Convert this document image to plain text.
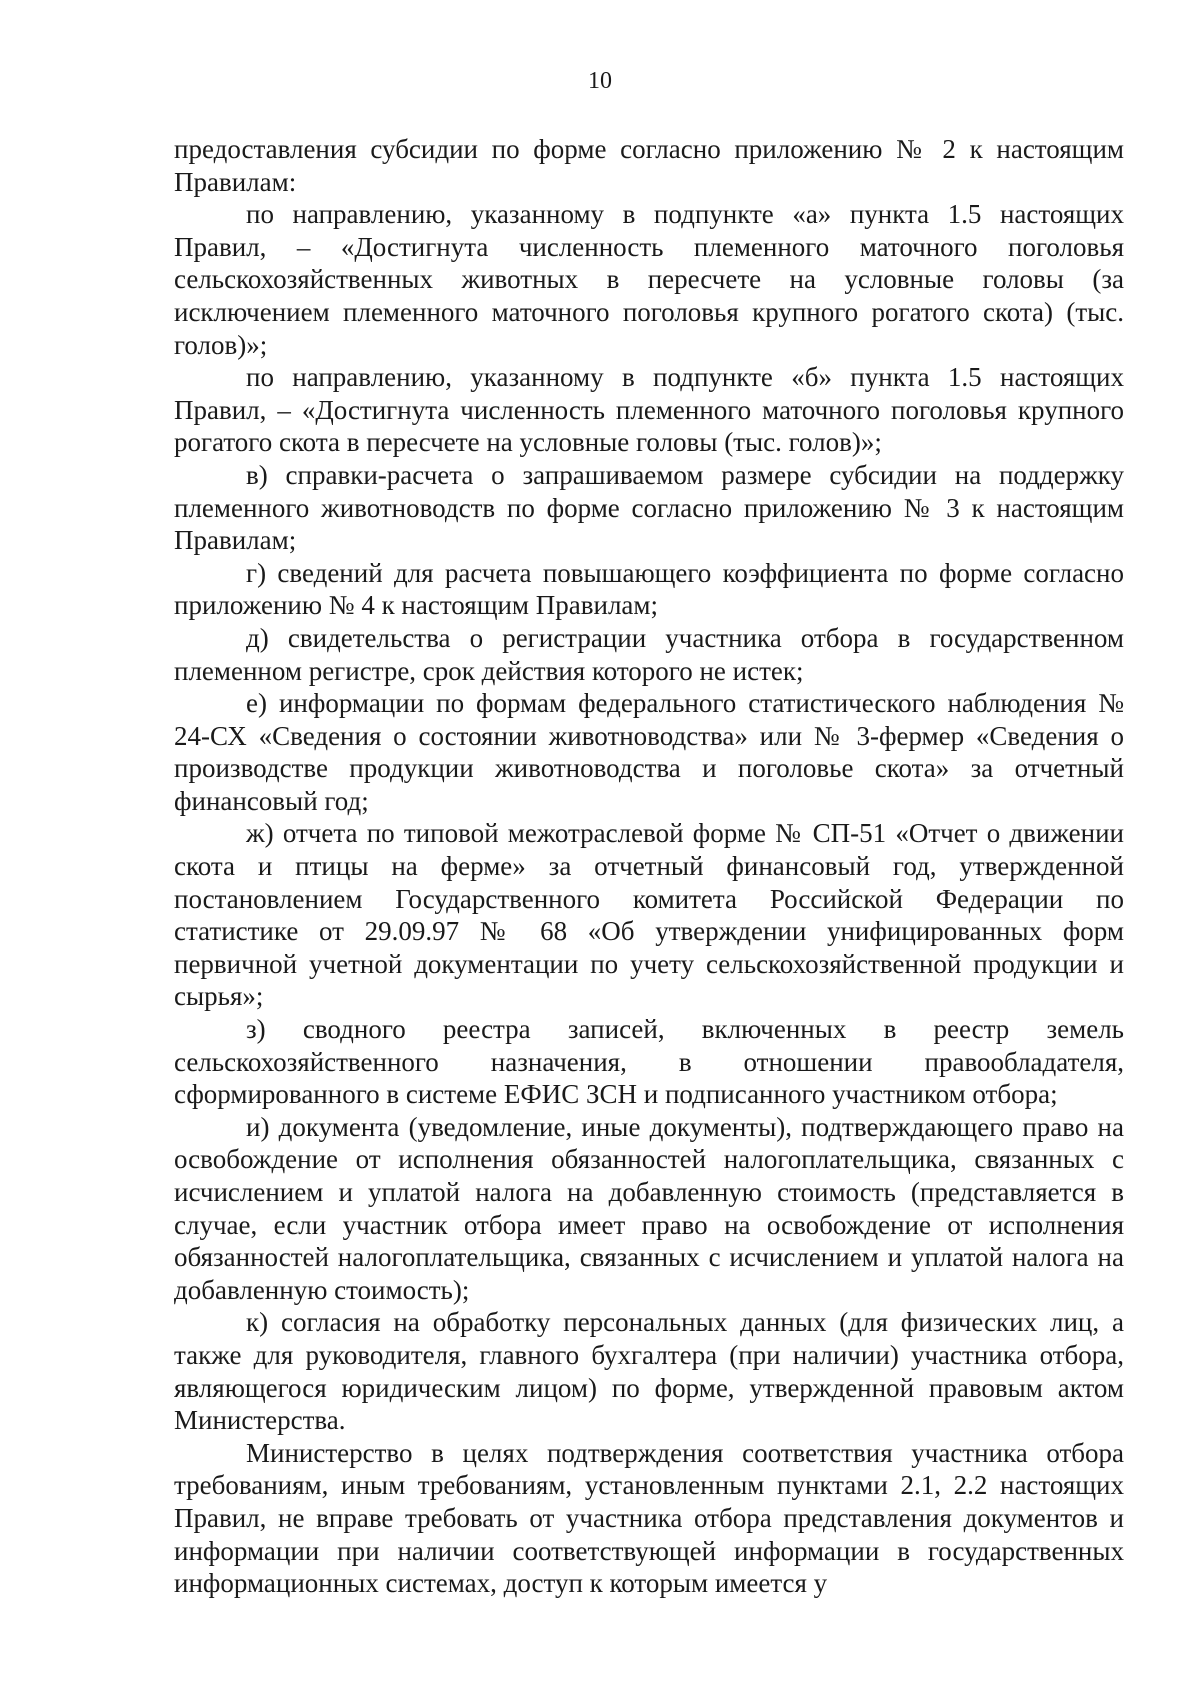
10

предоставления субсидии по форме согласно приложению № 2 к настоящим Правилам:

по направлению, указанному в подпункте «а» пункта 1.5 настоящих Правил, – «Достигнута численность племенного маточного поголовья сельскохозяйственных животных в пересчете на условные головы (за исключением племенного маточного поголовья крупного рогатого скота) (тыс. голов)»;

по направлению, указанному в подпункте «б» пункта 1.5 настоящих Правил, – «Достигнута численность племенного маточного поголовья крупного рогатого скота в пересчете на условные головы (тыс. голов)»;

в) справки-расчета о запрашиваемом размере субсидии на поддержку племенного животноводств по форме согласно приложению № 3 к настоящим Правилам;

г) сведений для расчета повышающего коэффициента по форме согласно приложению № 4 к настоящим Правилам;

д) свидетельства о регистрации участника отбора в государственном племенном регистре, срок действия которого не истек;

е) информации по формам федерального статистического наблюдения № 24-СХ «Сведения о состоянии животноводства» или № 3-фермер «Сведения о производстве продукции животноводства и поголовье скота» за отчетный финансовый год;

ж) отчета по типовой межотраслевой форме № СП-51 «Отчет о движении скота и птицы на ферме» за отчетный финансовый год, утвержденной постановлением Государственного комитета Российской Федерации по статистике от 29.09.97 № 68 «Об утверждении унифицированных форм первичной учетной документации по учету сельскохозяйственной продукции и сырья»;

з) сводного реестра записей, включенных в реестр земель сельскохозяйственного назначения, в отношении правообладателя, сформированного в системе ЕФИС ЗСН и подписанного участником отбора;

и) документа (уведомление, иные документы), подтверждающего право на освобождение от исполнения обязанностей налогоплательщика, связанных с исчислением и уплатой налога на добавленную стоимость (представляется в случае, если участник отбора имеет право на освобождение от исполнения обязанностей налогоплательщика, связанных с исчислением и уплатой налога на добавленную стоимость);

к) согласия на обработку персональных данных (для физических лиц, а также для руководителя, главного бухгалтера (при наличии) участника отбора, являющегося юридическим лицом) по форме, утвержденной правовым актом Министерства.

Министерство в целях подтверждения соответствия участника отбора требованиям, иным требованиям, установленным пунктами 2.1, 2.2 настоящих Правил, не вправе требовать от участника отбора представления документов и информации при наличии соответствующей информации в государственных информационных системах, доступ к которым имеется у
